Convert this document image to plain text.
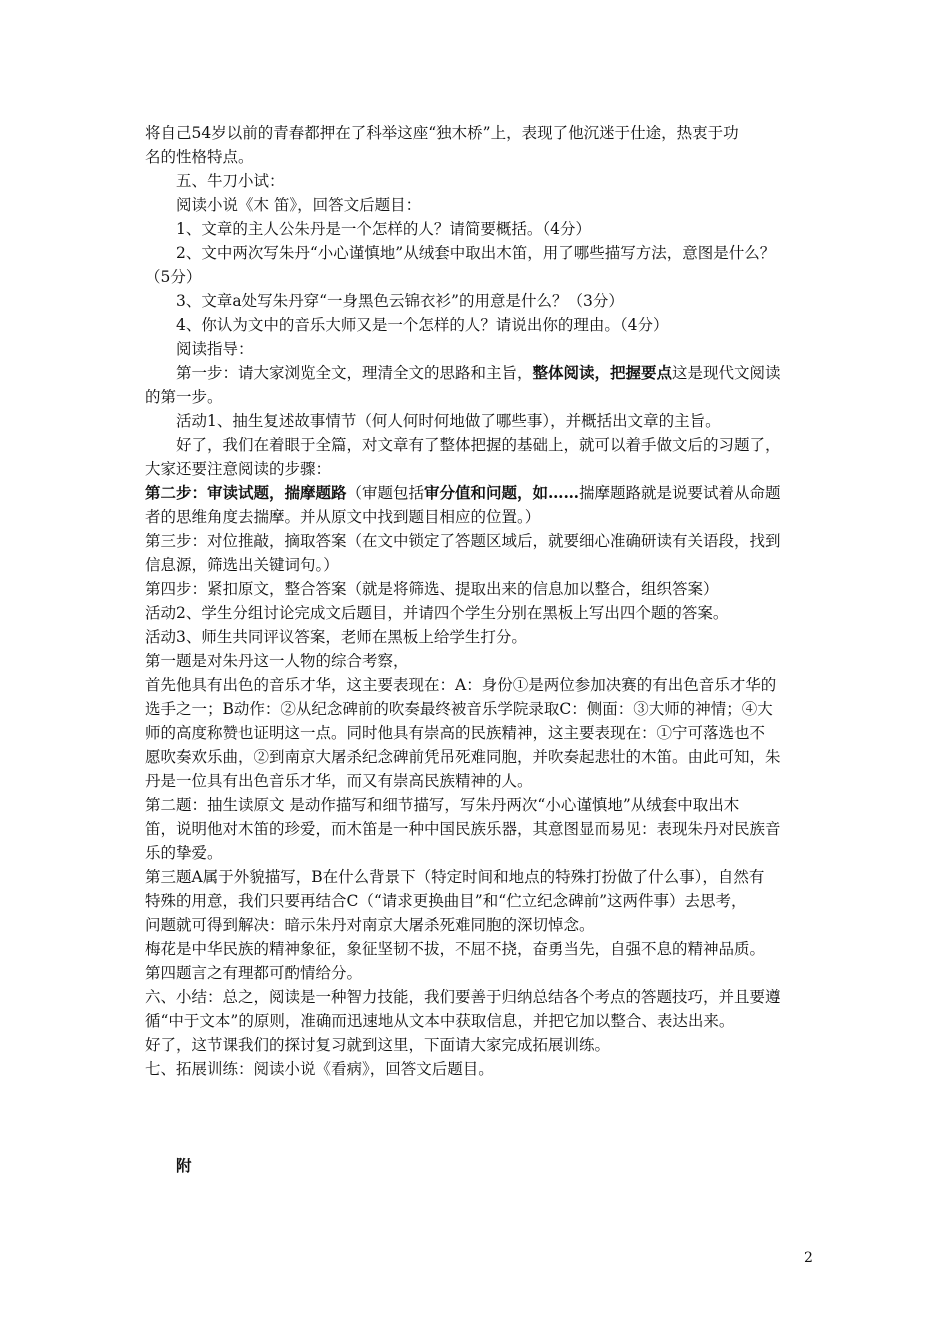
将自己54岁以前的青春都押在了科举这座“独木桥”上，表现了他沉迷于仕途，热衷于功
名的性格特点。
五、牛刀小试：
阅读小说《木 笛》，回答文后题目：
1、文章的主人公朱丹是一个怎样的人？请简要概括。（4分）
2、文中两次写朱丹“小心谨慎地”从绒套中取出木笛，用了哪些描写方法，意图是什么？
（5分）
3、文章a处写朱丹穿“一身黑色云锦衣衫”的用意是什么？（3分）
4、你认为文中的音乐大师又是一个怎样的人？请说出你的理由。（4分）
阅读指导：
第一步：请大家浏览全文，理清全文的思路和主旨，整体阅读，把握要点这是现代文阅读
的第一步。
活动1、抽生复述故事情节（何人何时何地做了哪些事），并概括出文章的主旨。
好了，我们在着眼于全篇，对文章有了整体把握的基础上，就可以着手做文后的习题了，
大家还要注意阅读的步骤：
第二步：审读试题，揣摩题路（审题包括审分值和问题，如……揣摩题路就是说要试着从命题
者的思维角度去揣摩。并从原文中找到题目相应的位置。）
第三步：对位推敲，摘取答案（在文中锁定了答题区域后，就要细心准确研读有关语段，找到
信息源，筛选出关键词句。）
第四步：紧扣原文，整合答案（就是将筛选、提取出来的信息加以整合，组织答案）
活动2、学生分组讨论完成文后题目，并请四个学生分别在黑板上写出四个题的答案。
活动3、师生共同评议答案，老师在黑板上给学生打分。
第一题是对朱丹这一人物的综合考察，
首先他具有出色的音乐才华，这主要表现在：A：身份①是两位参加决赛的有出色音乐才华的
选手之一；B动作：②从纪念碑前的吹奏最终被音乐学院录取C：侧面：③大师的神情；④大
师的高度称赞也证明这一点。同时他具有崇高的民族精神，这主要表现在：①宁可落选也不
愿吹奏欢乐曲，②到南京大屠杀纪念碑前凭吊死难同胞，并吹奏起悲壮的木笛。由此可知，朱
丹是一位具有出色音乐才华，而又有崇高民族精神的人。
第二题：抽生读原文 是动作描写和细节描写，写朱丹两次“小心谨慎地”从绒套中取出木
笛，说明他对木笛的珍爱，而木笛是一种中国民族乐器，其意图显而易见：表现朱丹对民族音
乐的挚爱。
第三题A属于外貌描写，B在什么背景下（特定时间和地点的特殊打扮做了什么事），自然有
特殊的用意，我们只要再结合C（“请求更换曲目”和“伫立纪念碑前”这两件事）去思考，
问题就可得到解决：暗示朱丹对南京大屠杀死难同胞的深切悼念。
梅花是中华民族的精神象征，象征坚韧不拔，不屈不挠，奋勇当先，自强不息的精神品质。
第四题言之有理都可酌情给分。
六、小结：总之，阅读是一种智力技能，我们要善于归纳总结各个考点的答题技巧，并且要遵
循“中于文本”的原则，准确而迅速地从文本中获取信息，并把它加以整合、表达出来。
好了，这节课我们的探讨复习就到这里，下面请大家完成拓展训练。
七、拓展训练：阅读小说《看病》，回答文后题目。
附
2
